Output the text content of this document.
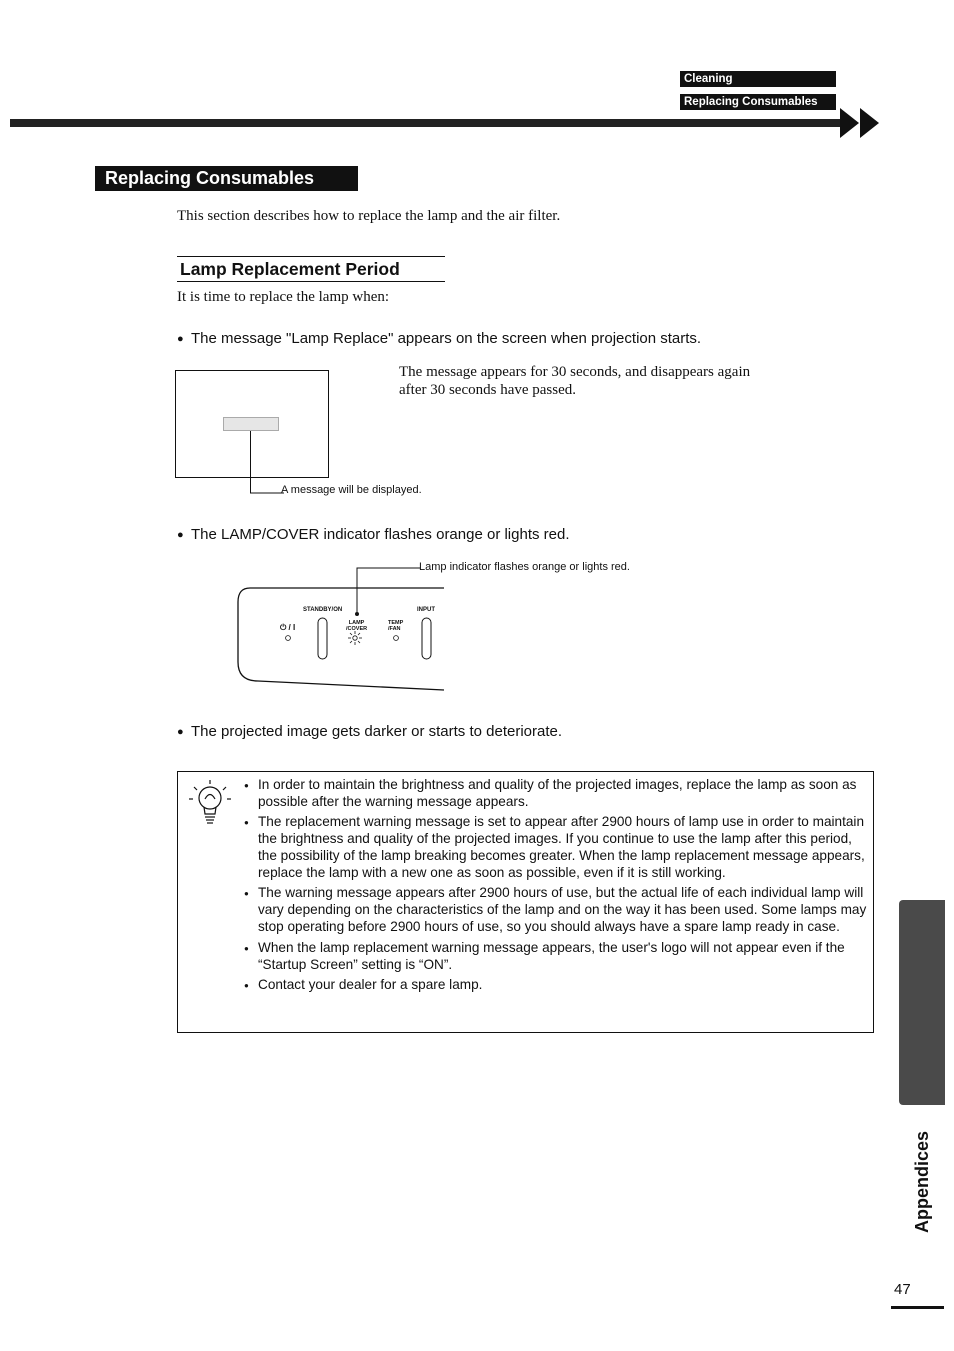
Cleaning
Replacing Consumables
Replacing Consumables
This section describes how to replace the lamp and the air filter.
Lamp Replacement Period
It is time to replace the lamp when:
● The message "Lamp Replace" appears on the screen when projection starts.
A message will be displayed.
The message appears for 30 seconds, and disappears again
after 30 seconds have passed.
● The LAMP/COVER indicator flashes orange or lights red.
Lamp indicator flashes orange or lights red.
STANDBY/ON
⏻ / I	LAMP
/COVER
TEMP
/FAN
INPUT
● The projected image gets darker or starts to deteriorate.
● In order to maintain the brightness and quality of the projected images, replace the lamp as soon as possible after the warning message appears.
● The replacement warning message is set to appear after 2900 hours of lamp use in order to maintain the brightness and quality of the projected images. If you continue to use the lamp after this period, the possibility of the lamp breaking becomes greater. When the lamp replacement message appears, replace the lamp with a new one as soon as possible, even if it is still working.
● The warning message appears after 2900 hours of use, but the actual life of each individual lamp will vary depending on the characteristics of the lamp and on the way it has been used. Some lamps may stop operating before 2900 hours of use, so you should always have a spare lamp ready in case.
● When the lamp replacement warning message appears, the user's logo will not appear even if the “Startup Screen” setting is “ON”.
● Contact your dealer for a spare lamp.
Appendices
47
